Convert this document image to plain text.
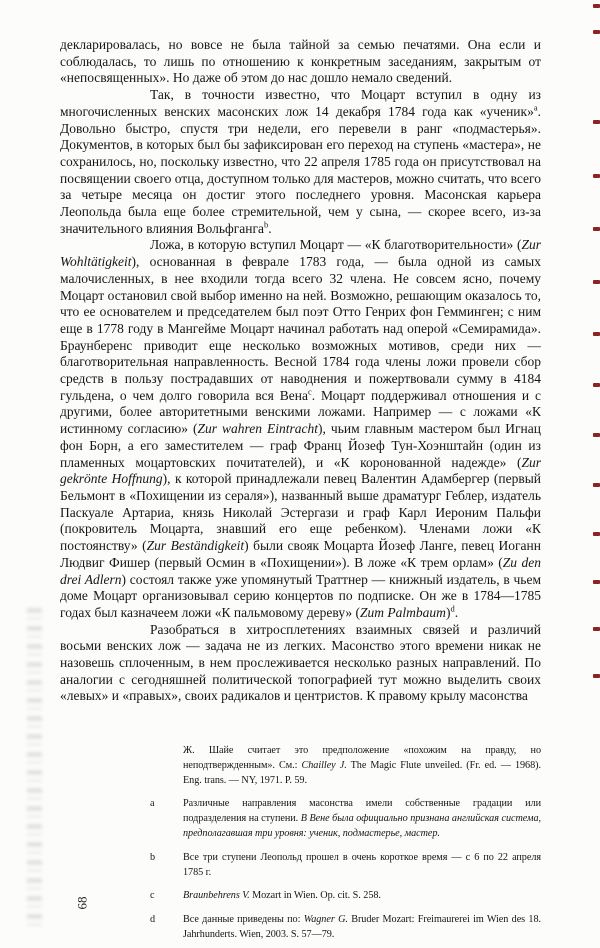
декларировалась, но вовсе не была тайной за семью печатями. Она если и соблюдалась, то лишь по отношению к конкретным заседаниям, закрытым от «непосвященных». Но даже об этом до нас дошло немало сведений.

Так, в точности известно, что Моцарт вступил в одну из многочисленных венских масонских лож 14 декабря 1784 года как «ученик»$^a$. Довольно быстро, спустя три недели, его перевели в ранг «подмастерья». Документов, в которых был бы зафиксирован его переход на ступень «мастера», не сохранилось, но, поскольку известно, что 22 апреля 1785 года он присутствовал на посвящении своего отца, доступном только для мастеров, можно считать, что всего за четыре месяца он достиг этого последнего уровня. Масонская карьера Леопольда была еще более стремительной, чем у сына, — скорее всего, из-за значительного влияния Вольфганга$^b$.

Ложа, в которую вступил Моцарт — «К благотворительности» (Zur Wohltätigkeit), основанная в феврале 1783 года, — была одной из самых малочисленных, в нее входили тогда всего 32 члена. Не совсем ясно, почему Моцарт остановил свой выбор именно на ней. Возможно, решающим оказалось то, что ее основателем и председателем был поэт Отто Генрих фон Гемминген; с ним еще в 1778 году в Мангейме Моцарт начинал работать над оперой «Семирамида». Браунберенс приводит еще несколько возможных мотивов, среди них — благотворительная направленность. Весной 1784 года члены ложи провели сбор средств в пользу пострадавших от наводнения и пожертвовали сумму в 4184 гульдена, о чем долго говорила вся Вена$^c$. Моцарт поддерживал отношения и с другими, более авторитетными венскими ложами. Например — с ложами «К истинному согласию» (Zur wahren Eintracht), чьим главным мастером был Игнац фон Борн, а его заместителем — граф Франц Йозеф Тун-Хоэнштайн (один из пламенных моцартовских почитателей), и «К коронованной надежде» (Zur gekrönte Hoffnung), к которой принадлежали певец Валентин Адамбергер (первый Бельмонт в «Похищении из сераля»), названный выше драматург Геблер, издатель Паскуале Артариа, князь Николай Эстергази и граф Карл Иероним Пальфи (покровитель Моцарта, знавший его еще ребенком). Членами ложи «К постоянству» (Zur Beständigkeit) были свояк Моцарта Йозеф Ланге, певец Иоганн Людвиг Фишер (первый Осмин в «Похищении»). В ложе «К трем орлам» (Zu den drei Adlern) состоял также уже упомянутый Траттнер — книжный издатель, в чьем доме Моцарт организовывал серию концертов по подписке. Он же в 1784—1785 годах был казначеем ложи «К пальмовому дереву» (Zum Palmbaum)$^d$.

Разобраться в хитросплетениях взаимных связей и различий восьми венских лож — задача не из легких. Масонство этого времени никак не назовешь сплоченным, в нем прослеживается несколько разных направлений. По аналогии с сегодняшней политической топографией тут можно выделить своих «левых» и «правых», своих радикалов и центристов. К правому крылу масонства

Ж. Шайе считает это предположение «похожим на правду, но неподтвержденным». См.: Chailley J. The Magic Flute unveiled. (Fr. ed. — 1968). Eng. trans. — NY, 1971. P. 59.
a	Различные направления масонства имели собственные градации или подразделения на ступени. В Вене была официально признана английская система, предполагавшая три уровня: ученик, подмастерье, мастер.
b	Все три ступени Леопольд прошел в очень короткое время — с 6 по 22 апреля 1785 г.
c	Braunbehrens V. Mozart in Wien. Op. cit. S. 258.
d	Все данные приведены по: Wagner G. Bruder Mozart: Freimaurerei im Wien des 18. Jahrhunderts. Wien, 2003. S. 57—79.
68
